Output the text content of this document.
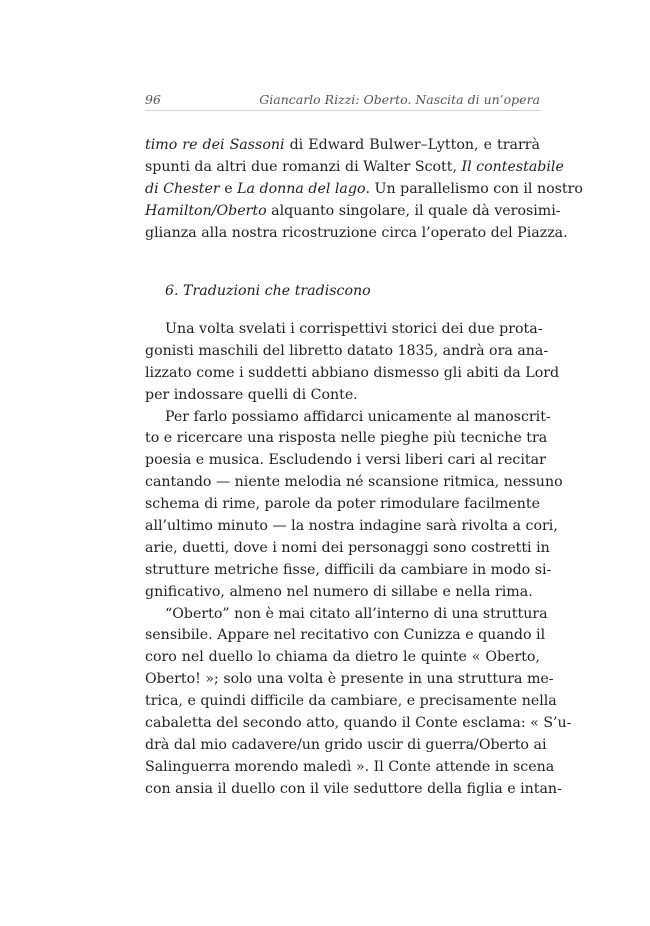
96	Giancarlo Rizzi: Oberto. Nascita di un’opera
timo re dei Sassoni di Edward Bulwer–Lytton, e trarrà
spunti da altri due romanzi di Walter Scott, Il contestabile
di Chester e La donna del lago. Un parallelismo con il nostro
Hamilton/Oberto alquanto singolare, il quale dà verosimi-
glianza alla nostra ricostruzione circa l’operato del Piazza.
6. Traduzioni che tradiscono
Una volta svelati i corrispettivi storici dei due prota-
gonisti maschili del libretto datato 1835, andrà ora ana-
lizzato come i suddetti abbiano dismesso gli abiti da Lord
per indossare quelli di Conte.
Per farlo possiamo affidarci unicamente al manoscrit-
to e ricercare una risposta nelle pieghe più tecniche tra
poesia e musica. Escludendo i versi liberi cari al recitar
cantando — niente melodia né scansione ritmica, nessuno
schema di rime, parole da poter rimodulare facilmente
all’ultimo minuto — la nostra indagine sarà rivolta a cori,
arie, duetti, dove i nomi dei personaggi sono costretti in
strutture metriche fisse, difficili da cambiare in modo si-
gnificativo, almeno nel numero di sillabe e nella rima.
“Oberto” non è mai citato all’interno di una struttura
sensibile. Appare nel recitativo con Cunizza e quando il
coro nel duello lo chiama da dietro le quinte « Oberto,
Oberto! »; solo una volta è presente in una struttura me-
trica, e quindi difficile da cambiare, e precisamente nella
cabaletta del secondo atto, quando il Conte esclama: « S’u-
drà dal mio cadavere/un grido uscir di guerra/Oberto ai
Salinguerra morendo maledì ». Il Conte attende in scena
con ansia il duello con il vile seduttore della figlia e intan-
